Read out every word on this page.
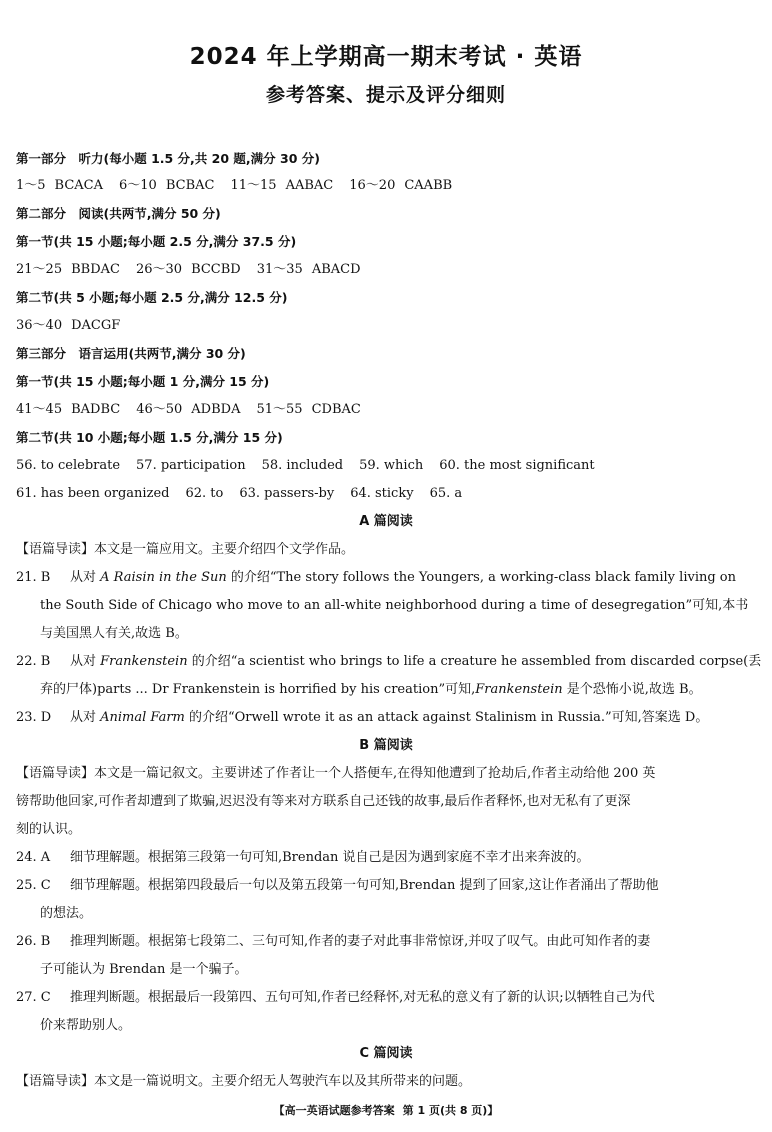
2024 年上学期高一期末考试 · 英语
参考答案、提示及评分细则
第一部分　听力(每小题 1.5 分,共 20 题,满分 30 分)
1～5 BCACA 6～10 BCBAC 11～15 AABAC 16～20 CAABB
第二部分　阅读(共两节,满分 50 分)
第一节(共 15 小题;每小题 2.5 分,满分 37.5 分)
21～25 BBDAC 26～30 BCCBD 31～35 ABACD
第二节(共 5 小题;每小题 2.5 分,满分 12.5 分)
36～40 DACGF
第三部分　语言运用(共两节,满分 30 分)
第一节(共 15 小题;每小题 1 分,满分 15 分)
41～45 BADBC 46～50 ADBDA 51～55 CDBAC
第二节(共 10 小题;每小题 1.5 分,满分 15 分)
56. to celebrate 57. participation 58. included 59. which 60. the most significant
61. has been organized 62. to 63. passers-by 64. sticky 65. a
A 篇阅读
【语篇导读】本文是一篇应用文。主要介绍四个文学作品。
21. B 从对 A Raisin in the Sun 的介绍“The story follows the Youngers, a working-class black family living on
the South Side of Chicago who move to an all-white neighborhood during a time of desegregation”可知,本书
与美国黑人有关,故选 B。
22. B 从对 Frankenstein 的介绍“a scientist who brings to life a creature he assembled from discarded corpse(丢
弃的尸体)parts ... Dr Frankenstein is horrified by his creation”可知,Frankenstein 是个恐怖小说,故选 B。
23. D 从对 Animal Farm 的介绍“Orwell wrote it as an attack against Stalinism in Russia.”可知,答案选 D。
B 篇阅读
【语篇导读】本文是一篇记叙文。主要讲述了作者让一个人搭便车,在得知他遭到了抢劫后,作者主动给他 200 英
镑帮助他回家,可作者却遭到了欺骗,迟迟没有等来对方联系自己还钱的故事,最后作者释怀,也对无私有了更深
刻的认识。
24. A 细节理解题。根据第三段第一句可知,Brendan 说自己是因为遇到家庭不幸才出来奔波的。
25. C 细节理解题。根据第四段最后一句以及第五段第一句可知,Brendan 提到了回家,这让作者涌出了帮助他
的想法。
26. B 推理判断题。根据第七段第二、三句可知,作者的妻子对此事非常惊讶,并叹了叹气。由此可知作者的妻
子可能认为 Brendan 是一个骗子。
27. C 推理判断题。根据最后一段第四、五句可知,作者已经释怀,对无私的意义有了新的认识;以牺牲自己为代
价来帮助别人。
C 篇阅读
【语篇导读】本文是一篇说明文。主要介绍无人驾驶汽车以及其所带来的问题。
【高一英语试题参考答案 第 1 页(共 8 页)】
